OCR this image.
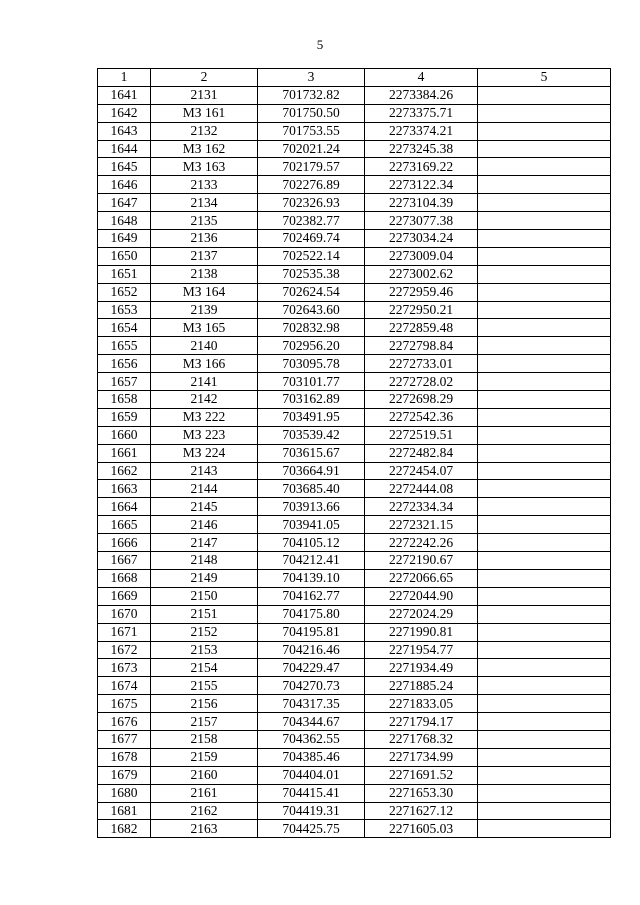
5
1	2	3	4	5
1641	2131	701732.82	2273384.26	
1642	МЗ 161	701750.50	2273375.71	
1643	2132	701753.55	2273374.21	
1644	МЗ 162	702021.24	2273245.38	
1645	МЗ 163	702179.57	2273169.22	
1646	2133	702276.89	2273122.34	
1647	2134	702326.93	2273104.39	
1648	2135	702382.77	2273077.38	
1649	2136	702469.74	2273034.24	
1650	2137	702522.14	2273009.04	
1651	2138	702535.38	2273002.62	
1652	МЗ 164	702624.54	2272959.46	
1653	2139	702643.60	2272950.21	
1654	МЗ 165	702832.98	2272859.48	
1655	2140	702956.20	2272798.84	
1656	МЗ 166	703095.78	2272733.01	
1657	2141	703101.77	2272728.02	
1658	2142	703162.89	2272698.29	
1659	МЗ 222	703491.95	2272542.36	
1660	МЗ 223	703539.42	2272519.51	
1661	МЗ 224	703615.67	2272482.84	
1662	2143	703664.91	2272454.07	
1663	2144	703685.40	2272444.08	
1664	2145	703913.66	2272334.34	
1665	2146	703941.05	2272321.15	
1666	2147	704105.12	2272242.26	
1667	2148	704212.41	2272190.67	
1668	2149	704139.10	2272066.65	
1669	2150	704162.77	2272044.90	
1670	2151	704175.80	2272024.29	
1671	2152	704195.81	2271990.81	
1672	2153	704216.46	2271954.77	
1673	2154	704229.47	2271934.49	
1674	2155	704270.73	2271885.24	
1675	2156	704317.35	2271833.05	
1676	2157	704344.67	2271794.17	
1677	2158	704362.55	2271768.32	
1678	2159	704385.46	2271734.99	
1679	2160	704404.01	2271691.52	
1680	2161	704415.41	2271653.30	
1681	2162	704419.31	2271627.12	
1682	2163	704425.75	2271605.03	
